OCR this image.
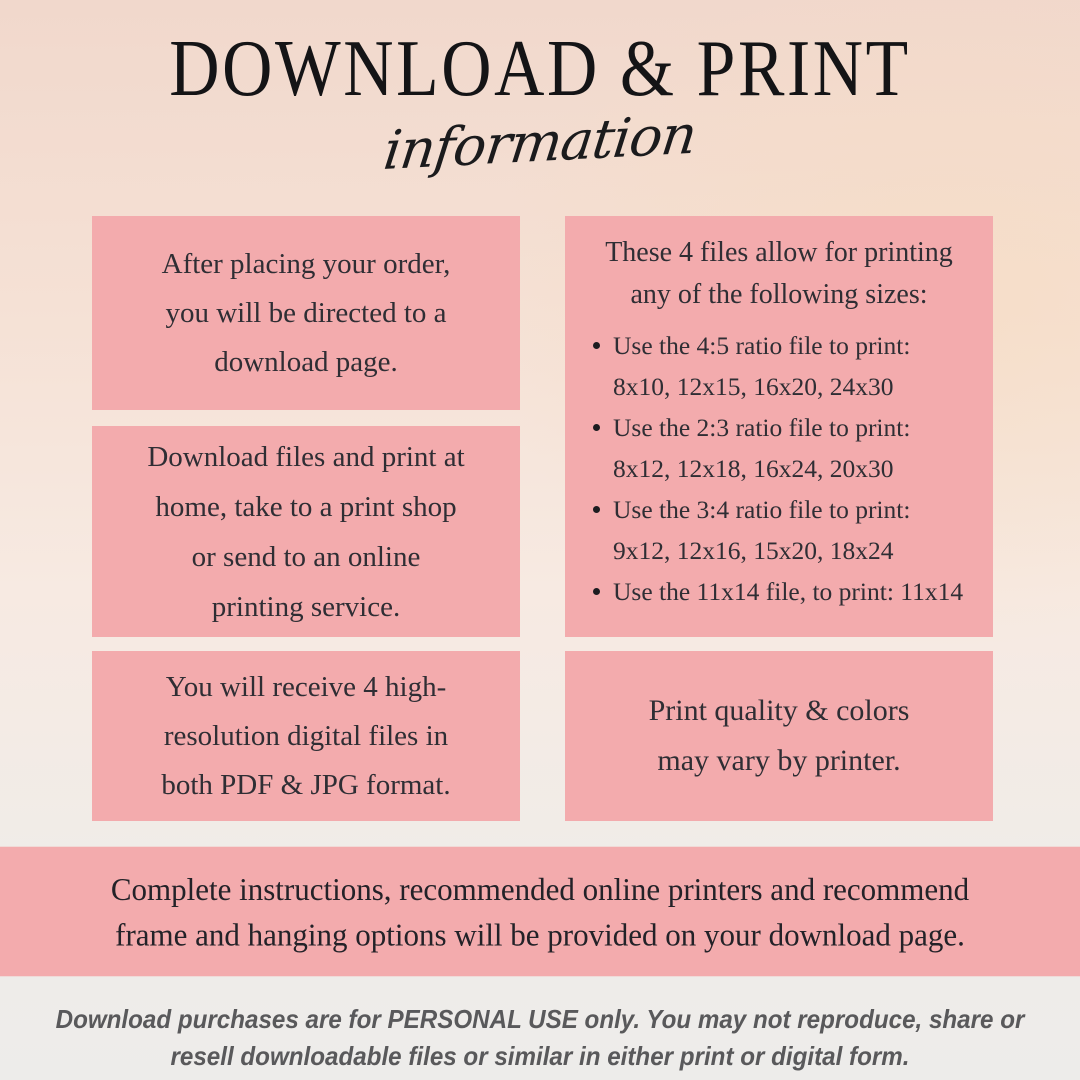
DOWNLOAD & PRINT
information
After placing your order,
you will be directed to a
download page.
Download files and print at
home, take to a print shop
or send to an online
printing service.
You will receive 4 high-
resolution digital files in
both PDF & JPG format.
These 4 files allow for printing
any of the following sizes:
Use the 4:5 ratio file to print:
8x10, 12x15, 16x20, 24x30
Use the 2:3 ratio file to print:
8x12, 12x18, 16x24, 20x30
Use the 3:4 ratio file to print:
9x12, 12x16, 15x20, 18x24
Use the 11x14 file, to print: 11x14
Print quality & colors
may vary by printer.
Complete instructions, recommended online printers and recommend
frame and hanging options will be provided on your download page.
Download purchases are for PERSONAL USE only. You may not reproduce, share or
resell downloadable files or similar in either print or digital form.
